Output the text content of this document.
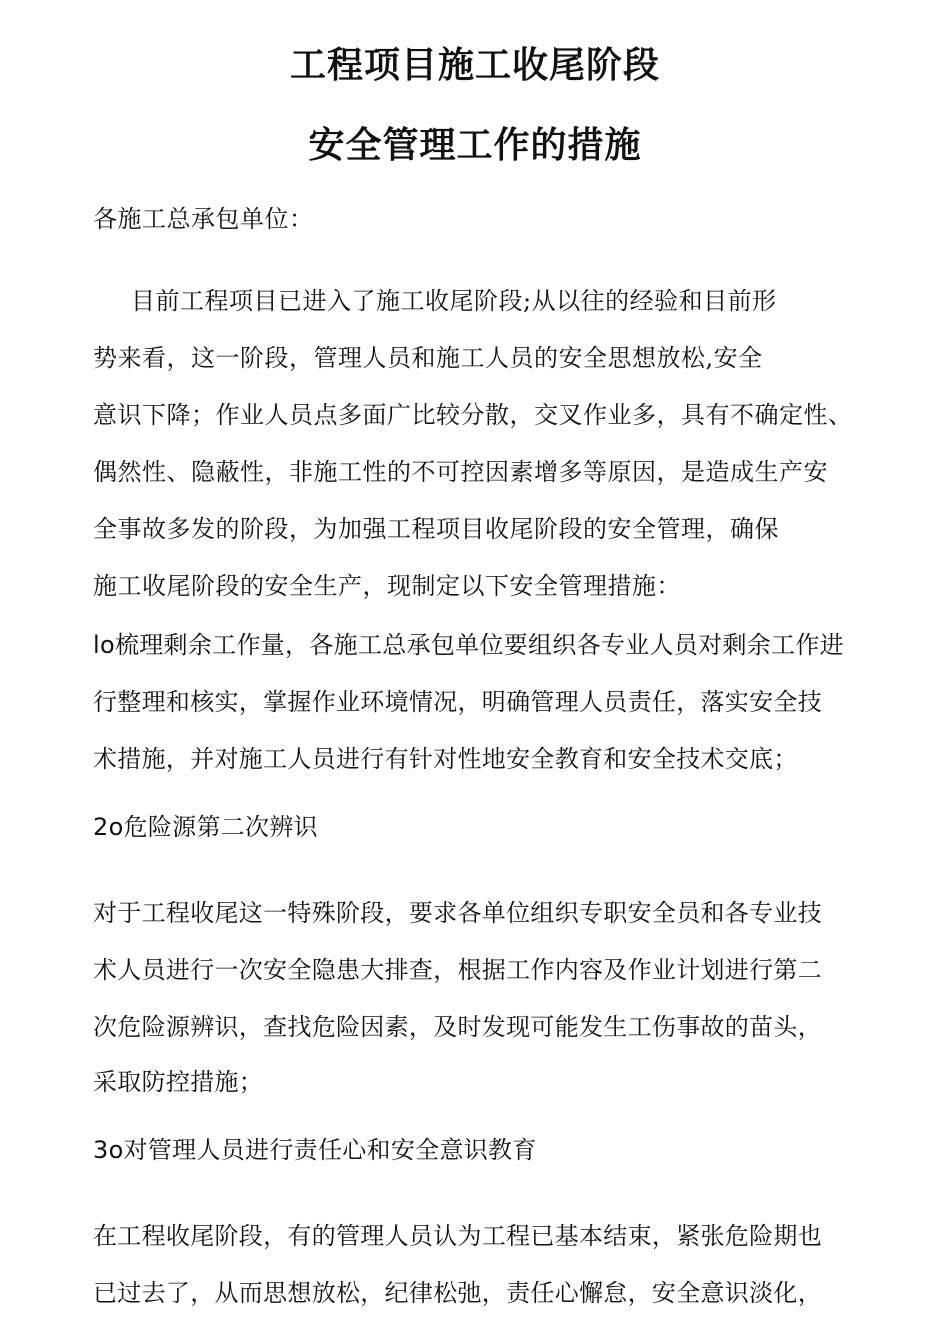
工程项目施工收尾阶段
安全管理工作的措施
各施工总承包单位：
目前工程项目已进入了施工收尾阶段;从以往的经验和目前形
势来看，这一阶段，管理人员和施工人员的安全思想放松,安全
意识下降；作业人员点多面广比较分散，交叉作业多，具有不确定性、
偶然性、隐蔽性，非施工性的不可控因素增多等原因，是造成生产安
全事故多发的阶段，为加强工程项目收尾阶段的安全管理，确保
施工收尾阶段的安全生产，现制定以下安全管理措施：
lo梳理剩余工作量，各施工总承包单位要组织各专业人员对剩余工作进
行整理和核实，掌握作业环境情况，明确管理人员责任，落实安全技
术措施，并对施工人员进行有针对性地安全教育和安全技术交底；
2o危险源第二次辨识
对于工程收尾这一特殊阶段，要求各单位组织专职安全员和各专业技
术人员进行一次安全隐患大排查，根据工作内容及作业计划进行第二
次危险源辨识，查找危险因素，及时发现可能发生工伤事故的苗头，
采取防控措施；
3o对管理人员进行责任心和安全意识教育
在工程收尾阶段，有的管理人员认为工程已基本结束，紧张危险期也
已过去了，从而思想放松，纪律松弛，责任心懈怠，安全意识淡化，
